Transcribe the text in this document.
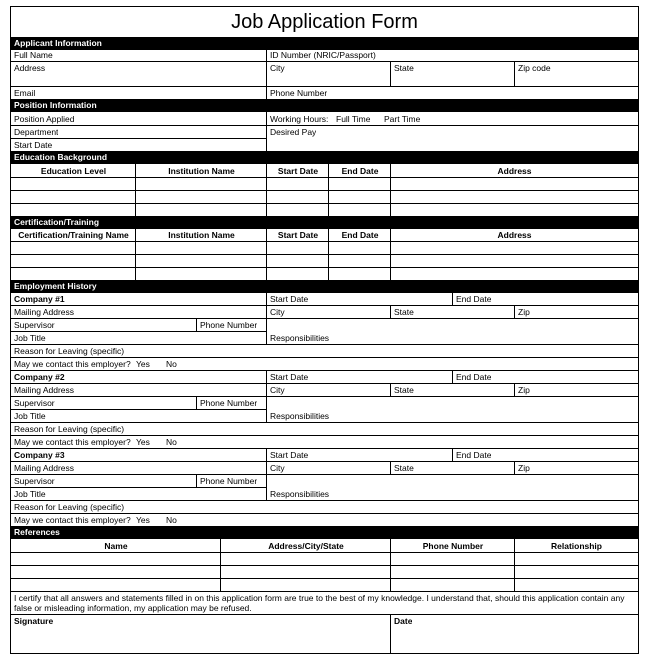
Job Application Form
Applicant Information
Full Name	ID Number (NRIC/Passport)
Address	City	State	Zip code
Email	Phone Number
Position Information
Position Applied	Working Hours: Full Time	Part Time
Department	Desired Pay
Start Date
Education Background
Education Level	Institution Name	Start Date	End Date	Address
Certification/Training
Certification/Training Name	Institution Name	Start Date	End Date	Address
Employment History
Company #1	Start Date	End Date
Mailing Address	City	State	Zip
Supervisor	Phone Number
Job Title	Responsibilities
Reason for Leaving (specific)
May we contact this employer? Yes	No
Company #2	Start Date	End Date
Mailing Address	City	State	Zip
Supervisor	Phone Number
Job Title	Responsibilities
Reason for Leaving (specific)
May we contact this employer? Yes	No
Company #3	Start Date	End Date
Mailing Address	City	State	Zip
Supervisor	Phone Number
Job Title	Responsibilities
Reason for Leaving (specific)
May we contact this employer? Yes	No
References
Name	Address/City/State	Phone Number	Relationship
I certify that all answers and statements filled in on this application form are true to the best of my knowledge. I understand that, should this application contain any false or misleading information, my application may be refused.
Signature	Date
